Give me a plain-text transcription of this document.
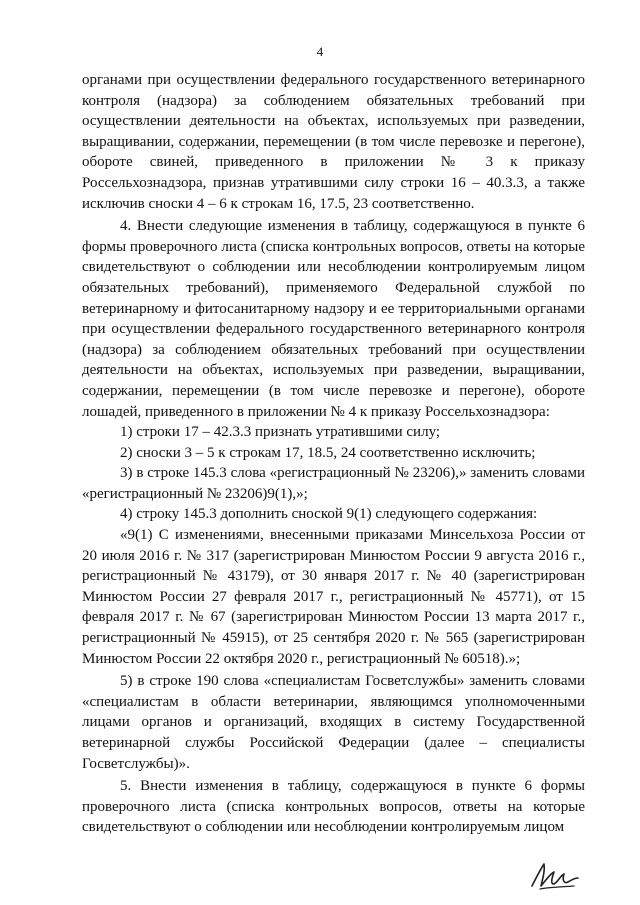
4

органами при осуществлении федерального государственного ветеринарного контроля (надзора) за соблюдением обязательных требований при осуществлении деятельности на объектах, используемых при разведении, выращивании, содержании, перемещении (в том числе перевозке и перегоне), обороте свиней, приведенного в приложении № 3 к приказу Россельхознадзора, признав утратившими силу строки 16 – 40.3.3, а также исключив сноски 4 – 6 к строкам 16, 17.5, 23 соответственно.

4. Внести следующие изменения в таблицу, содержащуюся в пункте 6 формы проверочного листа (списка контрольных вопросов, ответы на которые свидетельствуют о соблюдении или несоблюдении контролируемым лицом обязательных требований), применяемого Федеральной службой по ветеринарному и фитосанитарному надзору и ее территориальными органами при осуществлении федерального государственного ветеринарного контроля (надзора) за соблюдением обязательных требований при осуществлении деятельности на объектах, используемых при разведении, выращивании, содержании, перемещении (в том числе перевозке и перегоне), обороте лошадей, приведенного в приложении № 4 к приказу Россельхознадзора:

1) строки 17 – 42.3.3 признать утратившими силу;

2) сноски 3 – 5 к строкам 17, 18.5, 24 соответственно исключить;

3) в строке 145.3 слова «регистрационный № 23206),» заменить словами «регистрационный № 23206)9(1),»;

4) строку 145.3 дополнить сноской 9(1) следующего содержания:

«9(1) С изменениями, внесенными приказами Минсельхоза России от 20 июля 2016 г. № 317 (зарегистрирован Минюстом России 9 августа 2016 г., регистрационный № 43179), от 30 января 2017 г. № 40 (зарегистрирован Минюстом России 27 февраля 2017 г., регистрационный № 45771), от 15 февраля 2017 г. № 67 (зарегистрирован Минюстом России 13 марта 2017 г., регистрационный № 45915), от 25 сентября 2020 г. № 565 (зарегистрирован Минюстом России 22 октября 2020 г., регистрационный № 60518).»;

5) в строке 190 слова «специалистам Госветслужбы» заменить словами «специалистам в области ветеринарии, являющимся уполномоченными лицами органов и организаций, входящих в систему Государственной ветеринарной службы Российской Федерации (далее – специалисты Госветслужбы)».

5. Внести изменения в таблицу, содержащуюся в пункте 6 формы проверочного листа (списка контрольных вопросов, ответы на которые свидетельствуют о соблюдении или несоблюдении контролируемым лицом
